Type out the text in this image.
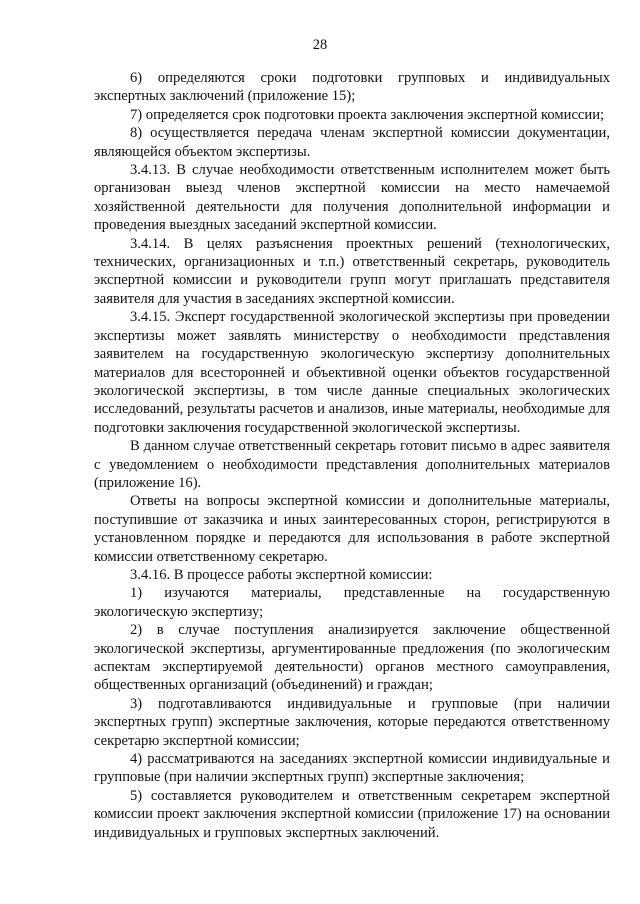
28

6) определяются сроки подготовки групповых и индивидуальных экспертных заключений (приложение 15);

7) определяется срок подготовки проекта заключения экспертной комиссии;

8) осуществляется передача членам экспертной комиссии документации, являющейся объектом экспертизы.

3.4.13. В случае необходимости ответственным исполнителем может быть организован выезд членов экспертной комиссии на место намечаемой хозяйственной деятельности для получения дополнительной информации и проведения выездных заседаний экспертной комиссии.

3.4.14. В целях разъяснения проектных решений (технологических, технических, организационных и т.п.) ответственный секретарь, руководитель экспертной комиссии и руководители групп могут приглашать представителя заявителя для участия в заседаниях экспертной комиссии.

3.4.15. Эксперт государственной экологической экспертизы при проведении экспертизы может заявлять министерству о необходимости представления заявителем на государственную экологическую экспертизу дополнительных материалов для всесторонней и объективной оценки объектов государственной экологической экспертизы, в том числе данные специальных экологических исследований, результаты расчетов и анализов, иные материалы, необходимые для подготовки заключения государственной экологической экспертизы.

В данном случае ответственный секретарь готовит письмо в адрес заявителя с уведомлением о необходимости представления дополнительных материалов (приложение 16).

Ответы на вопросы экспертной комиссии и дополнительные материалы, поступившие от заказчика и иных заинтересованных сторон, регистрируются в установленном порядке и передаются для использования в работе экспертной комиссии ответственному секретарю.

3.4.16. В процессе работы экспертной комиссии:

1) изучаются материалы, представленные на государственную экологическую экспертизу;

2) в случае поступления анализируется заключение общественной экологической экспертизы, аргументированные предложения (по экологическим аспектам экспертируемой деятельности) органов местного самоуправления, общественных организаций (объединений) и граждан;

3) подготавливаются индивидуальные и групповые (при наличии экспертных групп) экспертные заключения, которые передаются ответственному секретарю экспертной комиссии;

4) рассматриваются на заседаниях экспертной комиссии индивидуальные и групповые (при наличии экспертных групп) экспертные заключения;

5) составляется руководителем и ответственным секретарем экспертной комиссии проект заключения экспертной комиссии (приложение 17) на основании индивидуальных и групповых экспертных заключений.
